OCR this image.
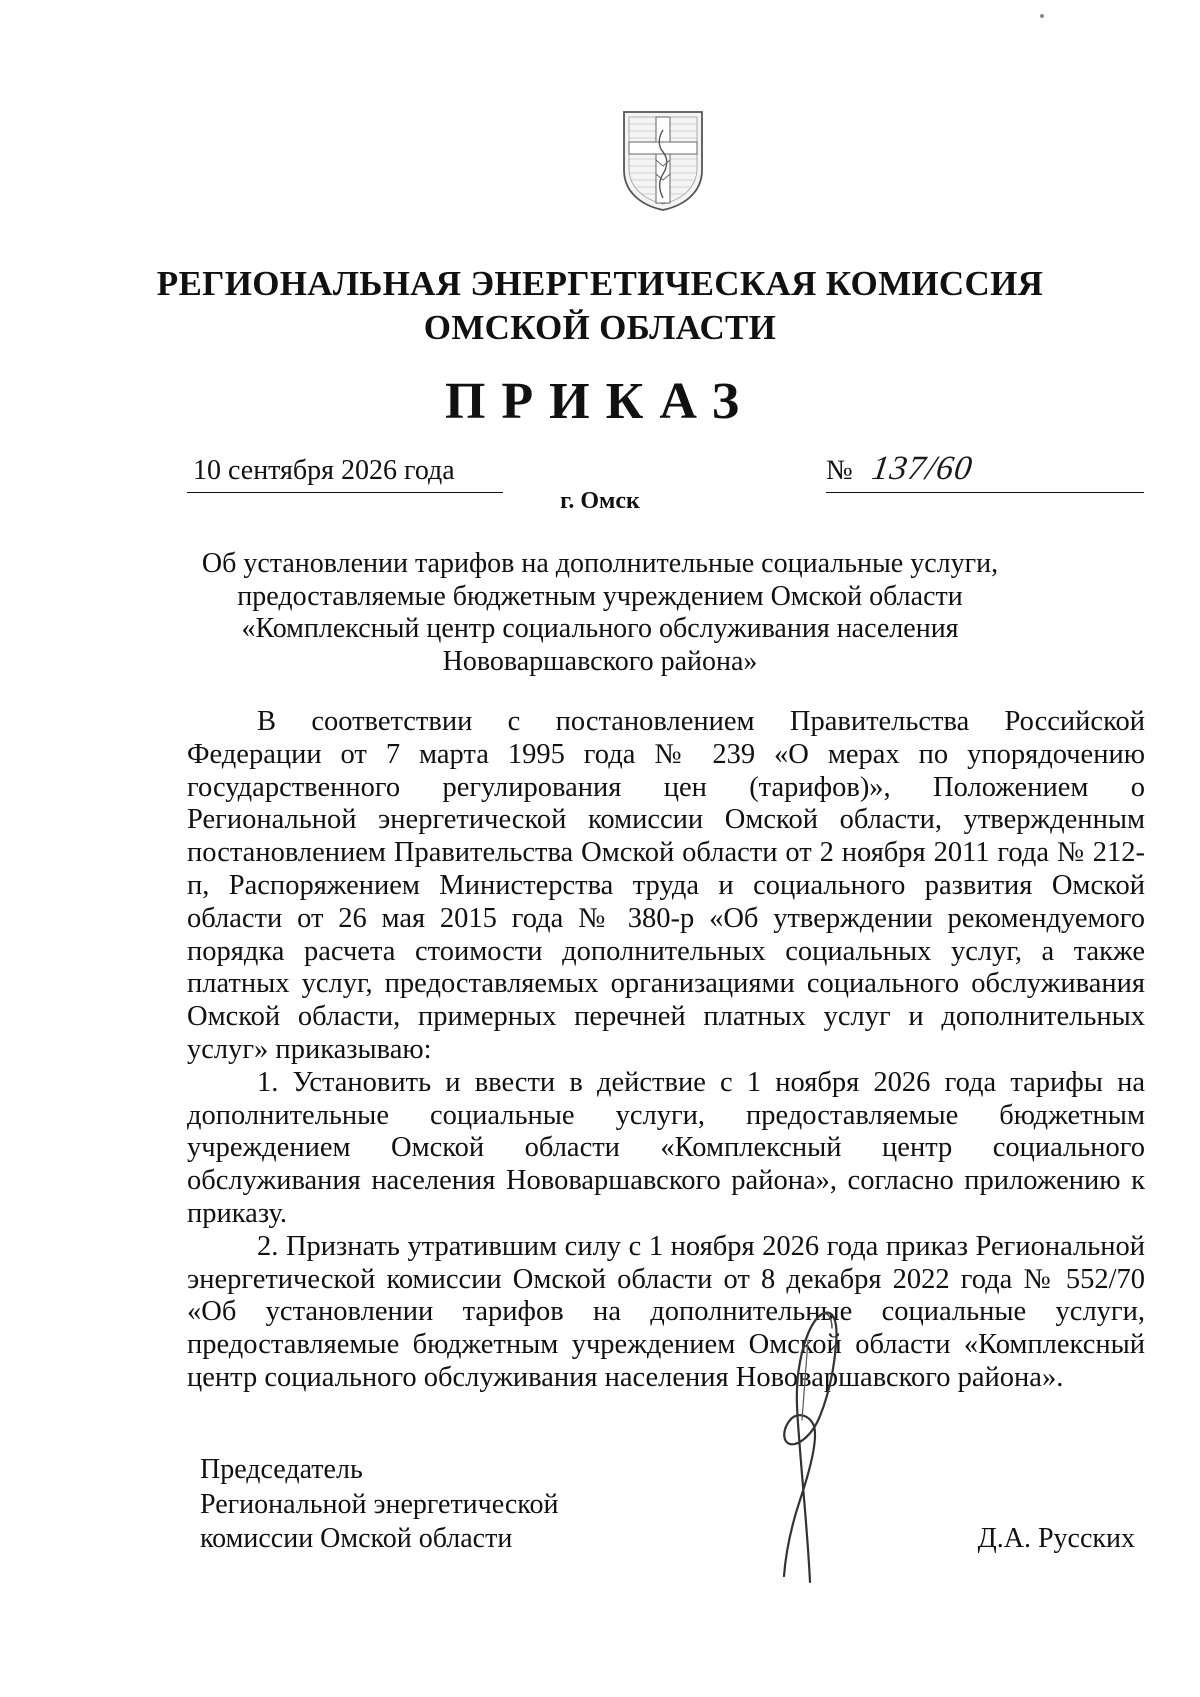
РЕГИОНАЛЬНАЯ ЭНЕРГЕТИЧЕСКАЯ КОМИССИЯ
ОМСКОЙ ОБЛАСТИ
ПРИКАЗ
10 сентября 2026 года	№ 137/60
г. Омск
Об установлении тарифов на дополнительные социальные услуги,
предоставляемые бюджетным учреждением Омской области
«Комплексный центр социального обслуживания населения
Нововаршавского района»
В соответствии с постановлением Правительства Российской Федерации от 7 марта 1995 года № 239 «О мерах по упорядочению государственного регулирования цен (тарифов)», Положением о Региональной энергетической комиссии Омской области, утвержденным постановлением Правительства Омской области от 2 ноября 2011 года № 212-п, Распоряжением Министерства труда и социального развития Омской области от 26 мая 2015 года № 380-р «Об утверждении рекомендуемого порядка расчета стоимости дополнительных социальных услуг, а также платных услуг, предоставляемых организациями социального обслуживания Омской области, примерных перечней платных услуг и дополнительных услуг» приказываю:
1. Установить и ввести в действие с 1 ноября 2026 года тарифы на дополнительные социальные услуги, предоставляемые бюджетным учреждением Омской области «Комплексный центр социального обслуживания населения Нововаршавского района», согласно приложению к приказу.
2. Признать утратившим силу с 1 ноября 2026 года приказ Региональной энергетической комиссии Омской области от 8 декабря 2022 года № 552/70 «Об установлении тарифов на дополнительные социальные услуги, предоставляемые бюджетным учреждением Омской области «Комплексный центр социального обслуживания населения Нововаршавского района».
Председатель
Региональной энергетической
комиссии Омской области	Д.А. Русских
